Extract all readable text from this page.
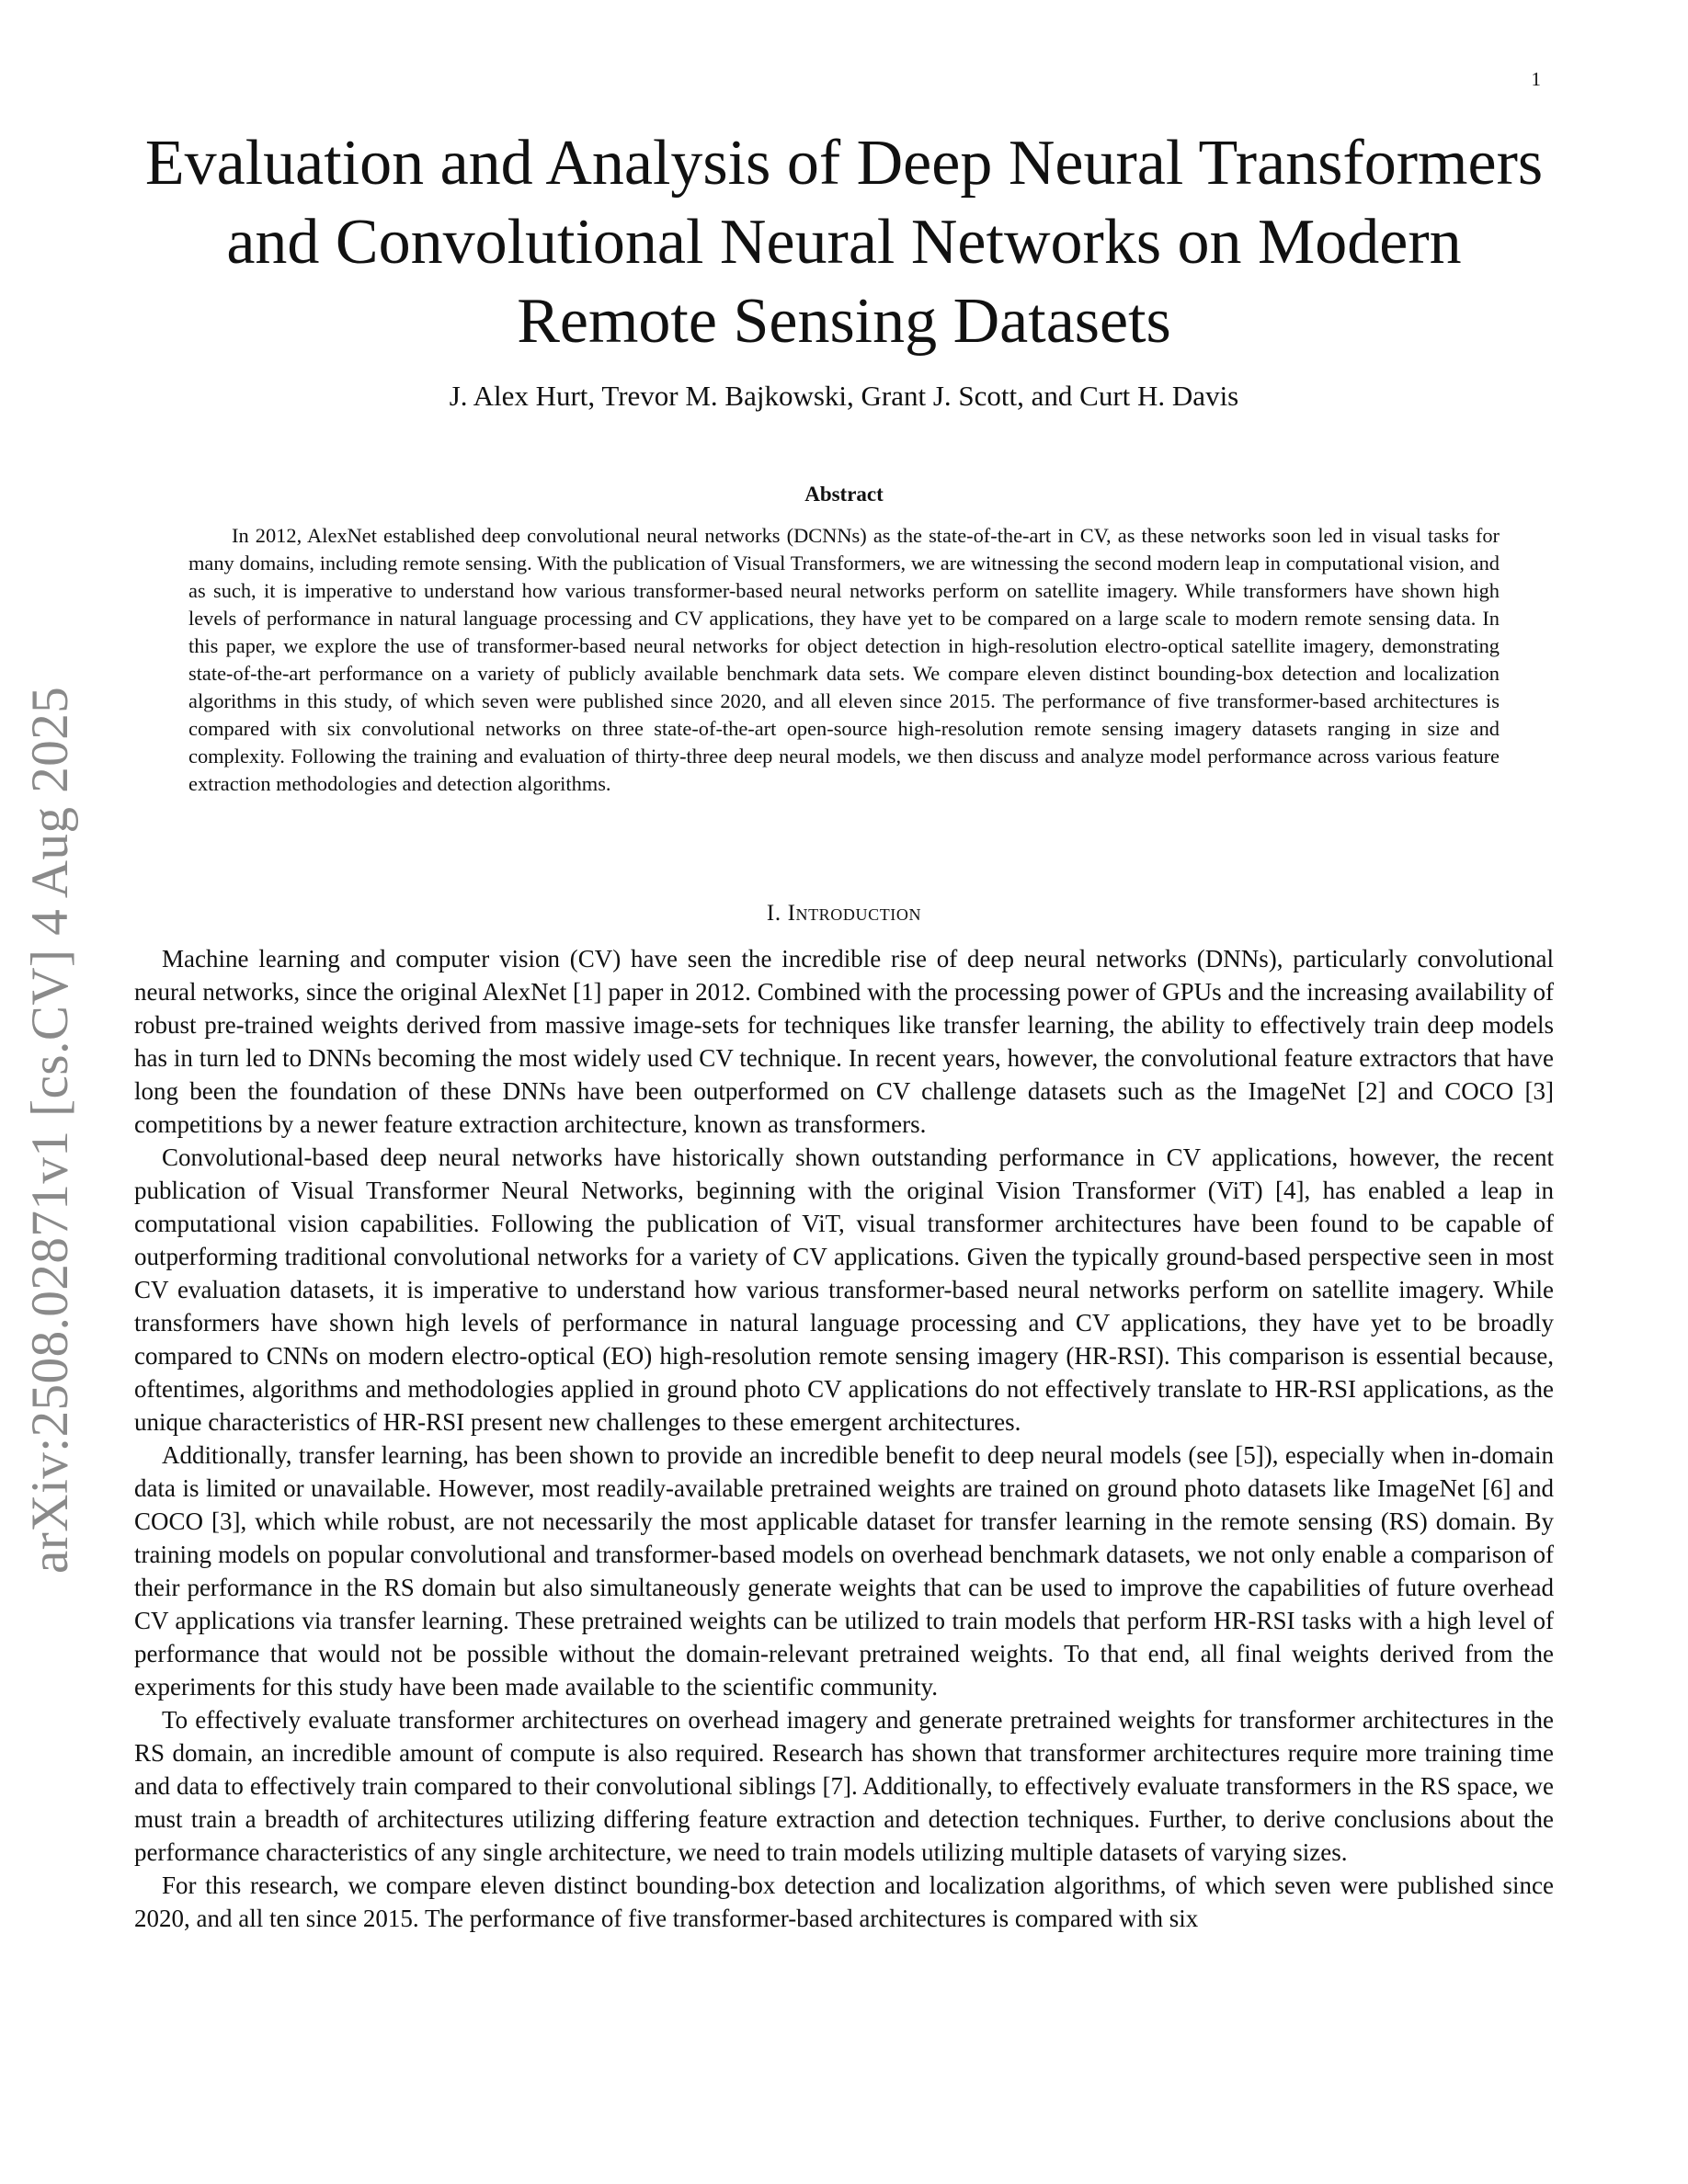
1
arXiv:2508.02871v1 [cs.CV] 4 Aug 2025
Evaluation and Analysis of Deep Neural Transformers and Convolutional Neural Networks on Modern Remote Sensing Datasets
J. Alex Hurt, Trevor M. Bajkowski, Grant J. Scott, and Curt H. Davis
Abstract

In 2012, AlexNet established deep convolutional neural networks (DCNNs) as the state-of-the-art in CV, as these networks soon led in visual tasks for many domains, including remote sensing. With the publication of Visual Transformers, we are witnessing the second modern leap in computational vision, and as such, it is imperative to understand how various transformer-based neural networks perform on satellite imagery. While transformers have shown high levels of performance in natural language processing and CV applications, they have yet to be compared on a large scale to modern remote sensing data. In this paper, we explore the use of transformer-based neural networks for object detection in high-resolution electro-optical satellite imagery, demonstrating state-of-the-art performance on a variety of publicly available benchmark data sets. We compare eleven distinct bounding-box detection and localization algorithms in this study, of which seven were published since 2020, and all eleven since 2015. The performance of five transformer-based architectures is compared with six convolutional networks on three state-of-the-art open-source high-resolution remote sensing imagery datasets ranging in size and complexity. Following the training and evaluation of thirty-three deep neural models, we then discuss and analyze model performance across various feature extraction methodologies and detection algorithms.

I. Introduction

Machine learning and computer vision (CV) have seen the incredible rise of deep neural networks (DNNs), particularly convolutional neural networks, since the original AlexNet [1] paper in 2012. Combined with the processing power of GPUs and the increasing availability of robust pre-trained weights derived from massive image-sets for techniques like transfer learning, the ability to effectively train deep models has in turn led to DNNs becoming the most widely used CV technique. In recent years, however, the convolutional feature extractors that have long been the foundation of these DNNs have been outperformed on CV challenge datasets such as the ImageNet [2] and COCO [3] competitions by a newer feature extraction architecture, known as transformers.

Convolutional-based deep neural networks have historically shown outstanding performance in CV applications, however, the recent publication of Visual Transformer Neural Networks, beginning with the original Vision Transformer (ViT) [4], has enabled a leap in computational vision capabilities. Following the publication of ViT, visual transformer architectures have been found to be capable of outperforming traditional convolutional networks for a variety of CV applications. Given the typically ground-based perspective seen in most CV evaluation datasets, it is imperative to understand how various transformer-based neural networks perform on satellite imagery. While transformers have shown high levels of performance in natural language processing and CV applications, they have yet to be broadly compared to CNNs on modern electro-optical (EO) high-resolution remote sensing imagery (HR-RSI). This comparison is essential because, oftentimes, algorithms and methodologies applied in ground photo CV applications do not effectively translate to HR-RSI applications, as the unique characteristics of HR-RSI present new challenges to these emergent architectures.

Additionally, transfer learning, has been shown to provide an incredible benefit to deep neural models (see [5]), especially when in-domain data is limited or unavailable. However, most readily-available pretrained weights are trained on ground photo datasets like ImageNet [6] and COCO [3], which while robust, are not necessarily the most applicable dataset for transfer learning in the remote sensing (RS) domain. By training models on popular convolutional and transformer-based models on overhead benchmark datasets, we not only enable a comparison of their performance in the RS domain but also simultaneously generate weights that can be used to improve the capabilities of future overhead CV applications via transfer learning. These pretrained weights can be utilized to train models that perform HR-RSI tasks with a high level of performance that would not be possible without the domain-relevant pretrained weights. To that end, all final weights derived from the experiments for this study have been made available to the scientific community.

To effectively evaluate transformer architectures on overhead imagery and generate pretrained weights for transformer architectures in the RS domain, an incredible amount of compute is also required. Research has shown that transformer architectures require more training time and data to effectively train compared to their convolutional siblings [7]. Additionally, to effectively evaluate transformers in the RS space, we must train a breadth of architectures utilizing differing feature extraction and detection techniques. Further, to derive conclusions about the performance characteristics of any single architecture, we need to train models utilizing multiple datasets of varying sizes.

For this research, we compare eleven distinct bounding-box detection and localization algorithms, of which seven were published since 2020, and all ten since 2015. The performance of five transformer-based architectures is compared with six
